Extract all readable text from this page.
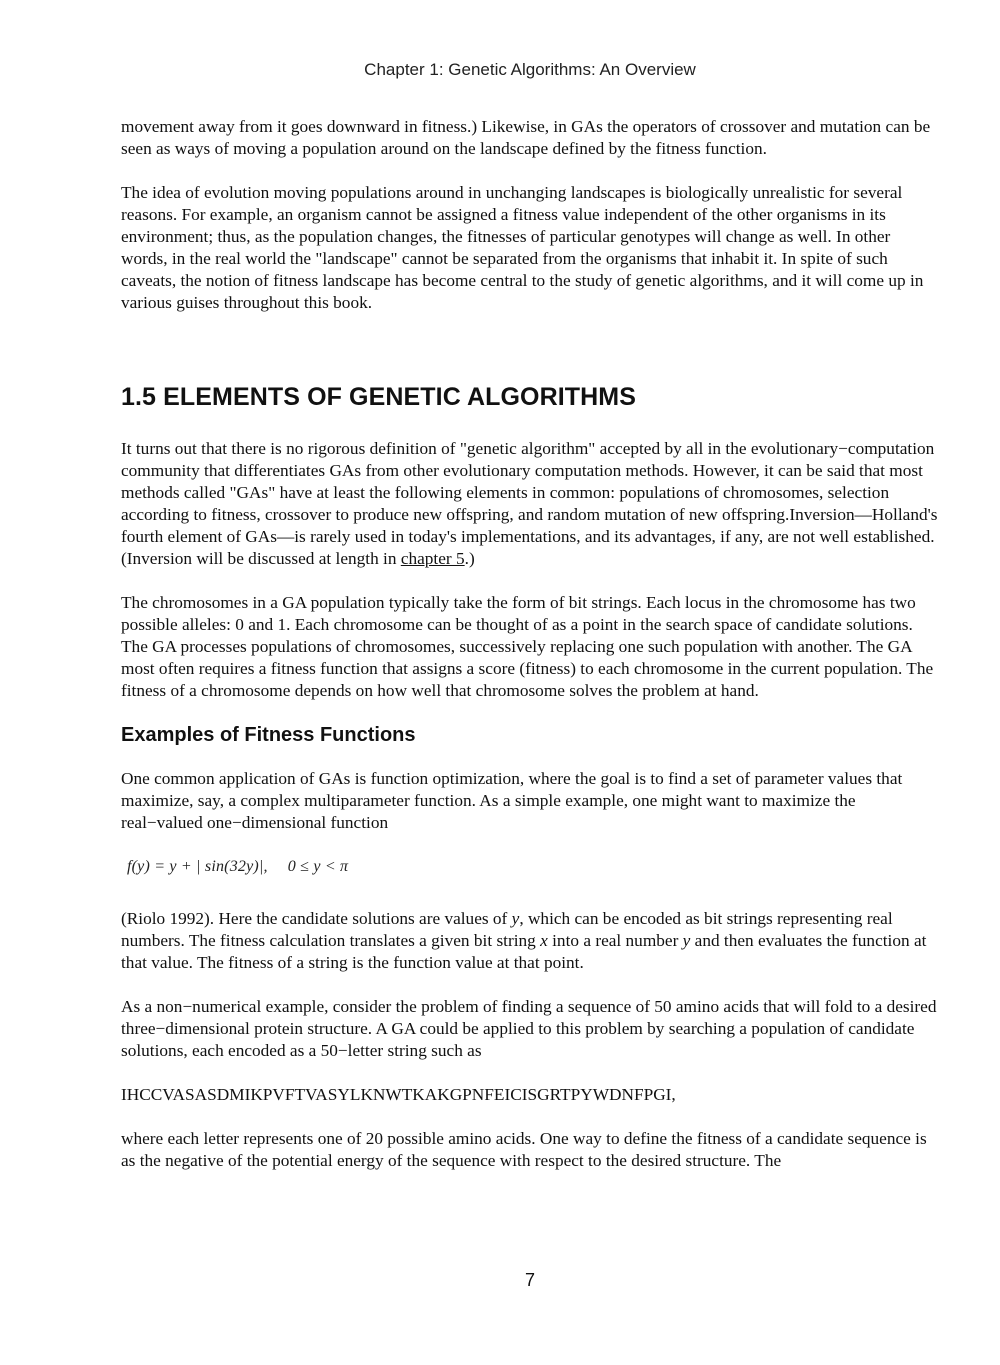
Chapter 1: Genetic Algorithms: An Overview

movement away from it goes downward in fitness.) Likewise, in GAs the operators of crossover and mutation can be seen as ways of moving a population around on the landscape defined by the fitness function.

The idea of evolution moving populations around in unchanging landscapes is biologically unrealistic for several reasons. For example, an organism cannot be assigned a fitness value independent of the other organisms in its environment; thus, as the population changes, the fitnesses of particular genotypes will change as well. In other words, in the real world the "landscape" cannot be separated from the organisms that inhabit it. In spite of such caveats, the notion of fitness landscape has become central to the study of genetic algorithms, and it will come up in various guises throughout this book.

1.5 ELEMENTS OF GENETIC ALGORITHMS

It turns out that there is no rigorous definition of "genetic algorithm" accepted by all in the evolutionary−computation community that differentiates GAs from other evolutionary computation methods. However, it can be said that most methods called "GAs" have at least the following elements in common: populations of chromosomes, selection according to fitness, crossover to produce new offspring, and random mutation of new offspring.Inversion—Holland's fourth element of GAs—is rarely used in today's implementations, and its advantages, if any, are not well established. (Inversion will be discussed at length in chapter 5.)

The chromosomes in a GA population typically take the form of bit strings. Each locus in the chromosome has two possible alleles: 0 and 1. Each chromosome can be thought of as a point in the search space of candidate solutions. The GA processes populations of chromosomes, successively replacing one such population with another. The GA most often requires a fitness function that assigns a score (fitness) to each chromosome in the current population. The fitness of a chromosome depends on how well that chromosome solves the problem at hand.

Examples of Fitness Functions

One common application of GAs is function optimization, where the goal is to find a set of parameter values that maximize, say, a complex multiparameter function. As a simple example, one might want to maximize the real−valued one−dimensional function

f(y) = y + | sin(32y)|, 0 ≤ y < π

(Riolo 1992). Here the candidate solutions are values of y, which can be encoded as bit strings representing real numbers. The fitness calculation translates a given bit string x into a real number y and then evaluates the function at that value. The fitness of a string is the function value at that point.

As a non−numerical example, consider the problem of finding a sequence of 50 amino acids that will fold to a desired three−dimensional protein structure. A GA could be applied to this problem by searching a population of candidate solutions, each encoded as a 50−letter string such as

IHCCVASASDMIKPVFTVASYLKNWTKAKGPNFEICISGRTPYWDNFPGI,

where each letter represents one of 20 possible amino acids. One way to define the fitness of a candidate sequence is as the negative of the potential energy of the sequence with respect to the desired structure. The

7
